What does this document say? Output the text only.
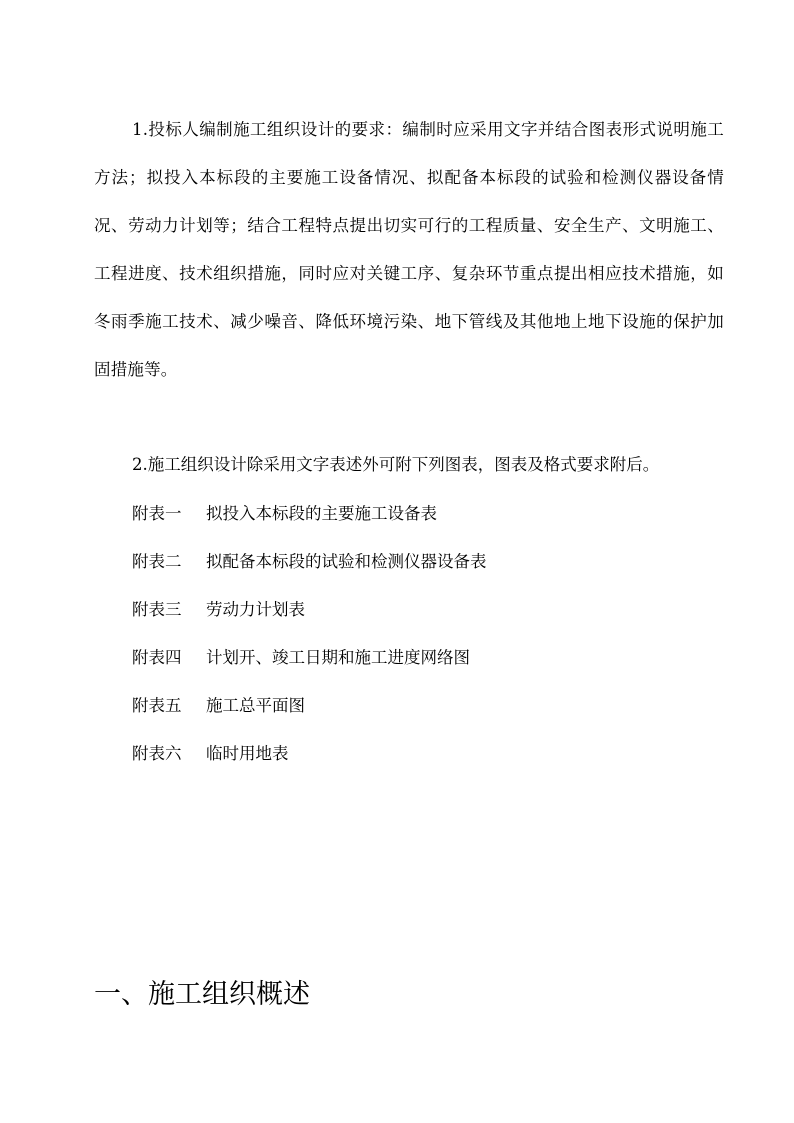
1.投标人编制施工组织设计的要求：编制时应采用文字并结合图表形式说明施工方法；拟投入本标段的主要施工设备情况、拟配备本标段的试验和检测仪器设备情况、劳动力计划等；结合工程特点提出切实可行的工程质量、安全生产、文明施工、工程进度、技术组织措施，同时应对关键工序、复杂环节重点提出相应技术措施，如冬雨季施工技术、减少噪音、降低环境污染、地下管线及其他地上地下设施的保护加固措施等。

2.施工组织设计除采用文字表述外可附下列图表，图表及格式要求附后。

附表一 拟投入本标段的主要施工设备表
附表二 拟配备本标段的试验和检测仪器设备表
附表三 劳动力计划表
附表四 计划开、竣工日期和施工进度网络图
附表五 施工总平面图
附表六 临时用地表
一、施工组织概述
